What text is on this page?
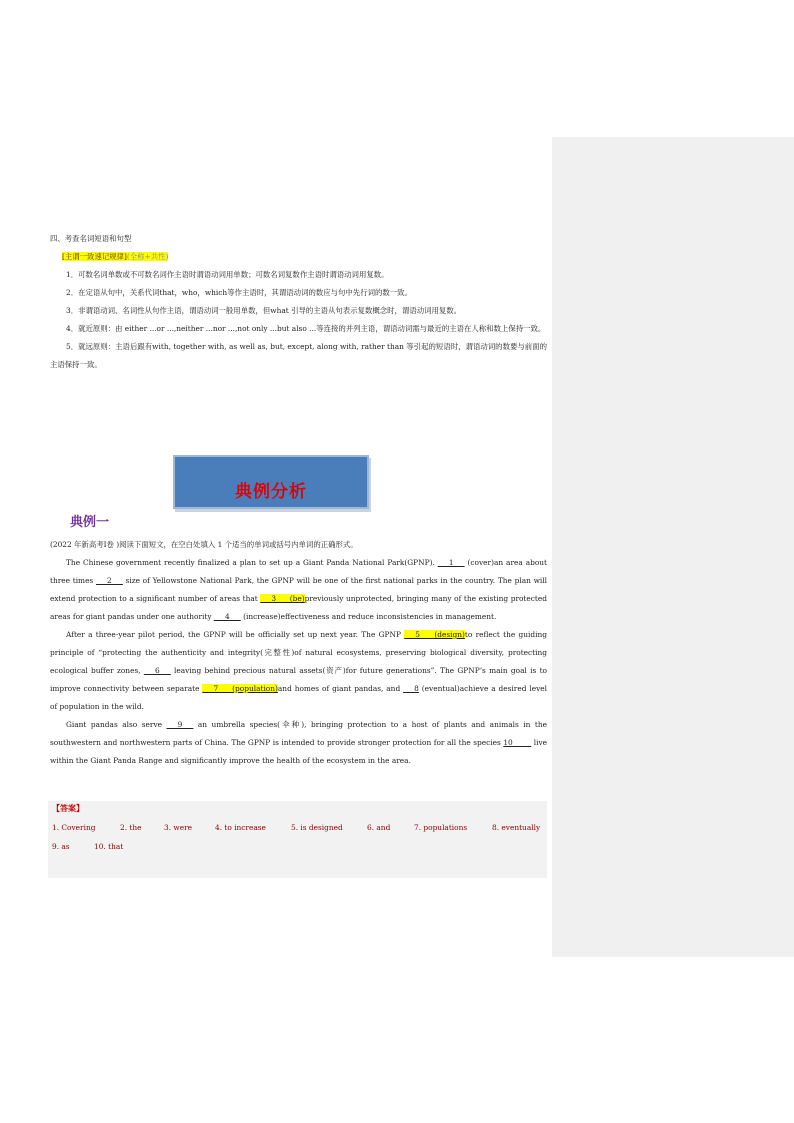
四、考查名词短语和句型
[主谓一致速记规律](全称+共性)
1．可数名词单数或不可数名词作主语时谓语动词用单数；可数名词复数作主语时谓语动词用复数。
2．在定语从句中，关系代词that，who，which等作主语时，其谓语动词的数应与句中先行词的数一致。
3．非谓语动词、名词性从句作主语，谓语动词一般用单数，但what 引导的主语从句表示复数概念时，谓语动词用复数。
4．就近原则：由 either ...or ...,neither ...nor ...,not only ...but also ...等连接的并列主语，谓语动词需与最近的主语在人称和数上保持一致。
5．就远原则：主语后跟有with, together with, as well as, but, except, along with, rather than 等引起的短语时，谓语动词的数要与前面的主语保持一致。
典例分析
典例一

(2022 年新高考Ⅰ卷 )阅读下面短文，在空白处填入 1 个适当的单词或括号内单词的正确形式。

The Chinese government recently finalized a plan to set up a Giant Panda National Park(GPNP). ___1___ (cover)an area about three times ___2___ size of Yellowstone National Park, the GPNP will be one of the first national parks in the country. The plan will extend protection to a significant number of areas that ___3___ (be)previously unprotected, bringing many of the existing protected areas for giant pandas under one authority ___4___ (increase)effectiveness and reduce inconsistencies in management.

After a three-year pilot period, the GPNP will be officially set up next year. The GPNP ___5___ (design)to reflect the guiding principle of “protecting the authenticity and integrity(完整性)of natural ecosystems, preserving biological diversity, protecting ecological buffer zones, ___6___ leaving behind precious natural assets(资产)for future generations”. The GPNP’s main goal is to improve connectivity between separate ___7___ (population)and homes of giant pandas, and ___8 (eventual)achieve a desired level of population in the wild.

Giant pandas also serve ___9___ an umbrella species(伞种), bringing protection to a host of plants and animals in the southwestern and northwestern parts of China. The GPNP is intended to provide stronger protection for all the species 10_____ live within the Giant Panda Range and significantly improve the health of the ecosystem in the area.

【答案】
1. Covering	2. the	3. were	4. to increase	5. is designed	6. and	7. populations	8. eventually
9. as	10. that
